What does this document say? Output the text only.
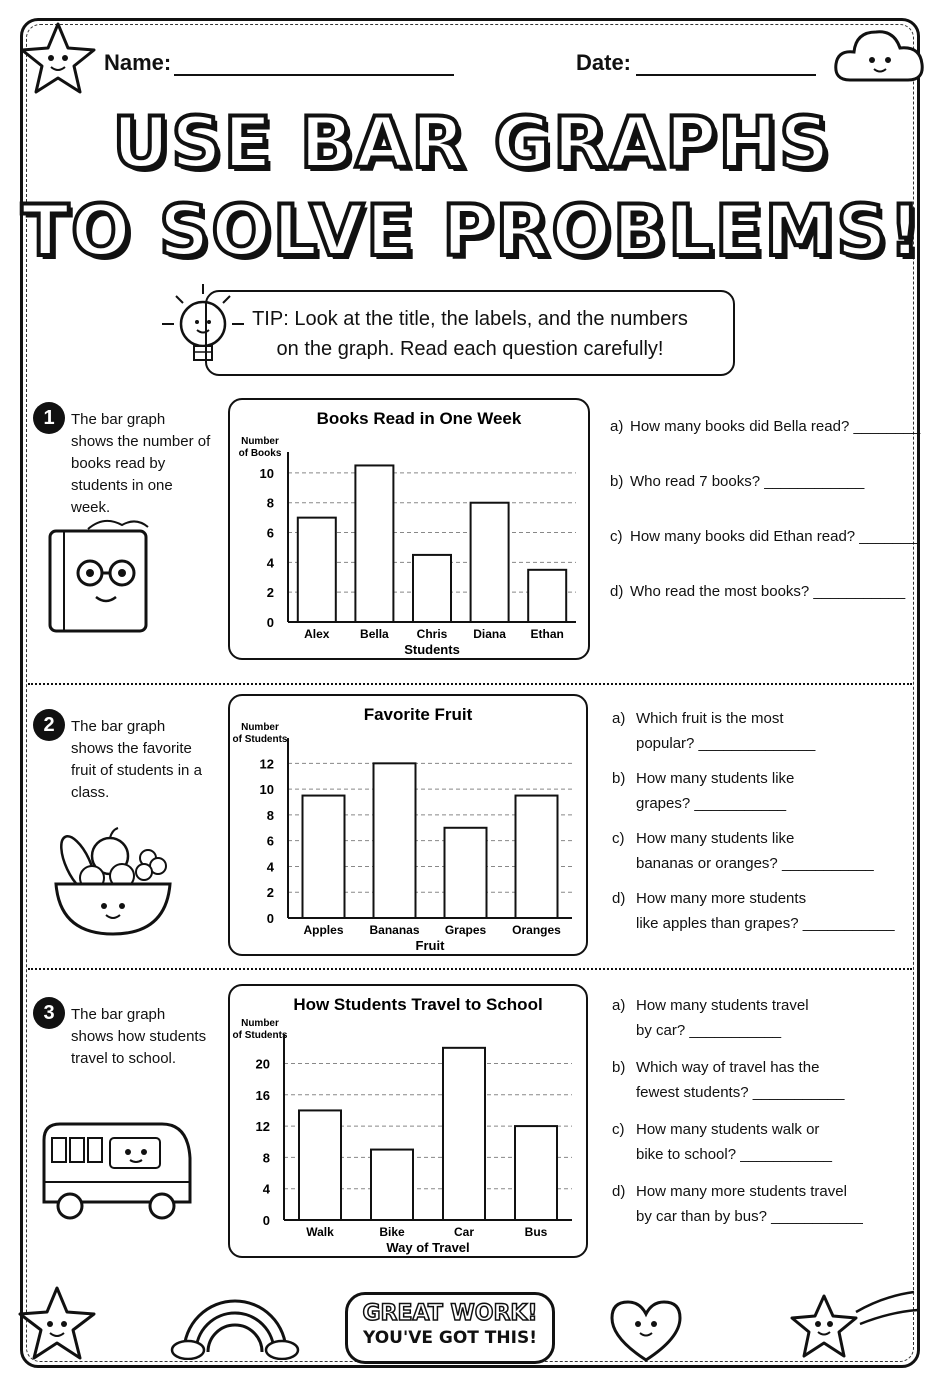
Name:	Date:
USE BAR GRAPHS
TO SOLVE PROBLEMS!
TIP: Look at the title, the labels, and the numbers
on the graph. Read each question carefully!
1	The bar graph shows the number of books read by students in one week.
Books Read in One Week
Number
of Books
0
2
4
6
8
10
Alex	Bella Chris Diana Ethan
Students
a) How many books did Bella read? ________
b) Who read 7 books? ____________
c) How many books did Ethan read? _______
d) Who read the most books? ___________
2	The bar graph shows the favorite fruit of students in a class.
Favorite Fruit
Number
of Students
0
2
4
6
8
10
12
Apples Bananas Grapes Oranges
Fruit
a) Which fruit is the most
popular? ______________
b) How many students like
grapes? ___________
c) How many students like
bananas or oranges? ___________
d) How many more students
like apples than grapes? ___________
3	The bar graph shows how students travel to school.
How Students Travel to School
Number
of Students
0
4
8
12
16
20
Walk	Bike	Car	Bus
Way of Travel
a) How many students travel
by car? ___________
b) Which way of travel has the
fewest students? ___________
c) How many students walk or
bike to school? ___________
d) How many more students travel
by car than by bus? ___________
GREAT WORK!
YOU'VE GOT THIS!
